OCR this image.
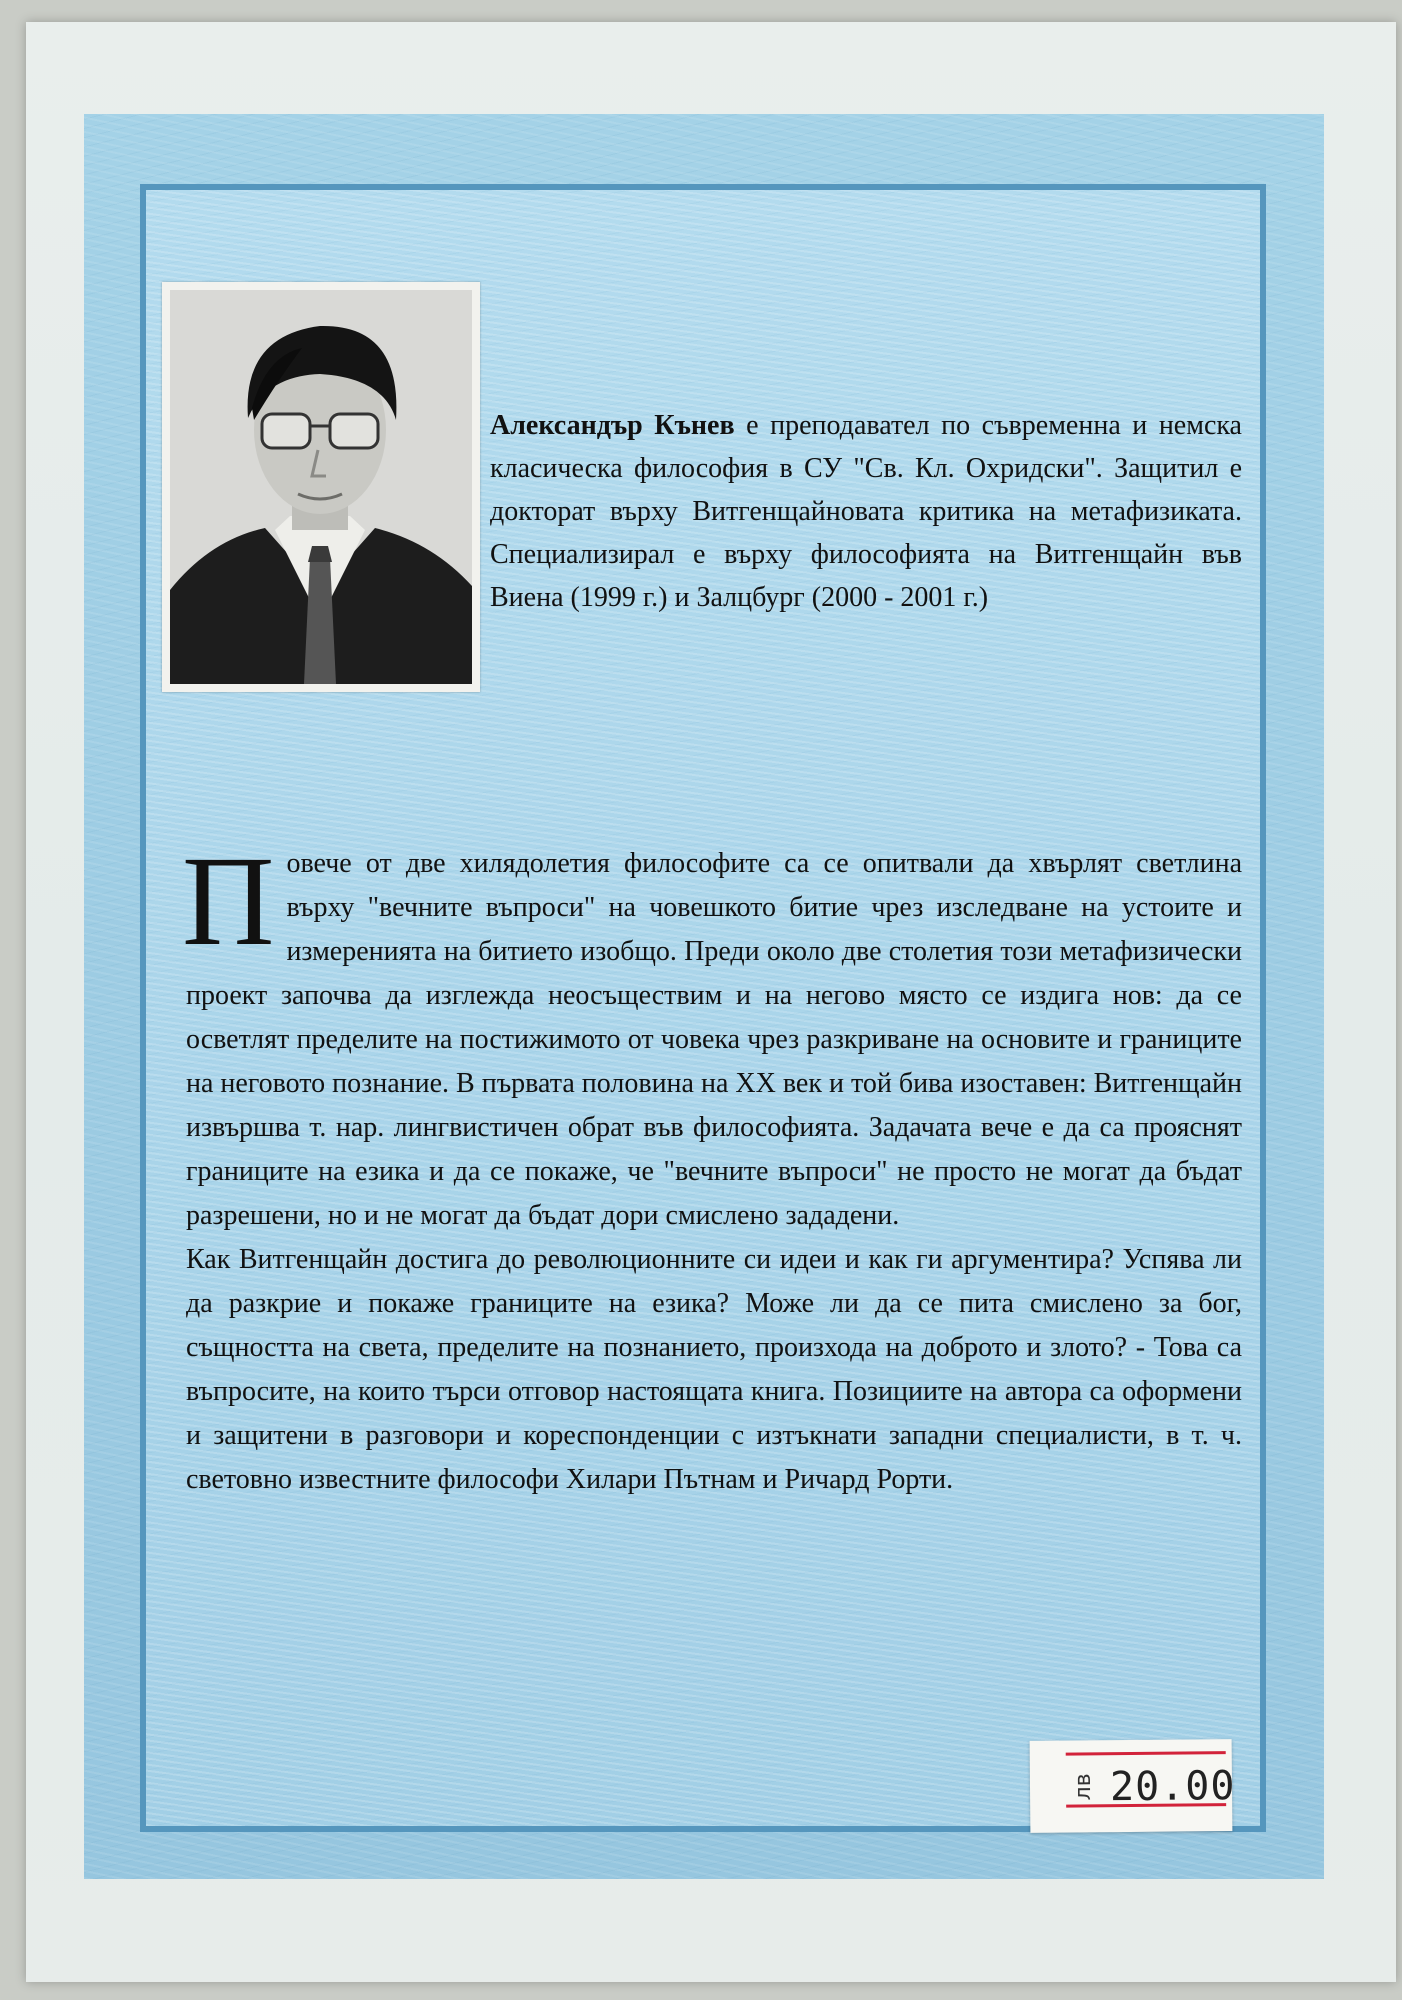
Александър Кънев е преподавател по съвременна и немска класическа философия в СУ "Св. Кл. Охридски". Защитил е докторат върху Витгенщайновата критика на метафизиката. Специализирал е върху философията на Витгенщайн във Виена (1999 г.) и Залцбург (2000 - 2001 г.)

Повече от две хилядолетия философите са се опитвали да хвърлят светлина върху "вечните въпроси" на човешкото битие чрез изследване на устоите и измеренията на битието изобщо. Преди около две столетия този метафизически проект започва да изглежда неосъществим и на негово място се издига нов: да се осветлят пределите на постижимото от човека чрез разкриване на основите и границите на неговото познание. В първата половина на XX век и той бива изоставен: Витгенщайн извършва т. нар. лингвистичен обрат във философията. Задачата вече е да са прояснят границите на езика и да се покаже, че "вечните въпроси" не просто не могат да бъдат разрешени, но и не могат да бъдат дори смислено зададени.

Как Витгенщайн достига до революционните си идеи и как ги аргументира? Успява ли да разкрие и покаже границите на езика? Може ли да се пита смислено за бог, същността на света, пределите на познанието, произхода на доброто и злото? - Това са въпросите, на които търси отговор настоящата книга. Позициите на автора са оформени и защитени в разговори и кореспонденции с изтъкнати западни специалисти, в т. ч. световно известните философи Хилари Пътнам и Ричард Рорти.

лв 20.00
